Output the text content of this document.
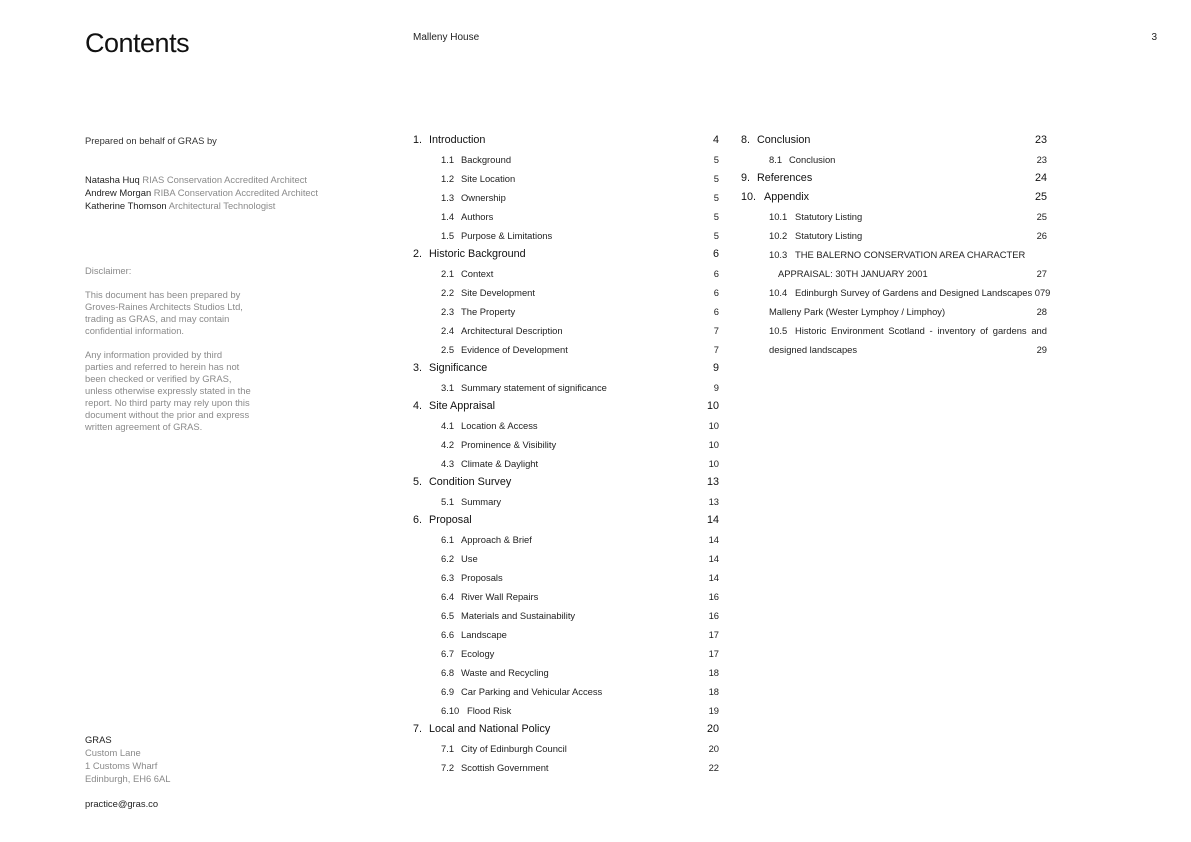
Contents	Malleny House	3
Prepared on behalf of GRAS by
Natasha Huq RIAS Conservation Accredited Architect
Andrew Morgan RIBA Conservation Accredited Architect
Katherine Thomson Architectural Technologist

Disclaimer:

This document has been prepared by
Groves-Raines Architects Studios Ltd,
trading as GRAS, and may contain
confidential information.

Any information provided by third
parties and referred to herein has not
been checked or verified by GRAS,
unless otherwise expressly stated in the
report. No third party may rely upon this
document without the prior and express
written agreement of GRAS.

GRAS
Custom Lane
1 Customs Wharf
Edinburgh, EH6 6AL
practice@gras.co
1. Introduction	4
1.1 Background	5
1.2 Site Location	5
1.3 Ownership	5
1.4 Authors	5
1.5 Purpose & Limitations	5
2. Historic Background	6
2.1 Context	6
2.2 Site Development	6
2.3 The Property	6
2.4 Architectural Description	7
2.5 Evidence of Development	7
3. Significance	9
3.1 Summary statement of significance	9
4. Site Appraisal	10
4.1 Location & Access	10
4.2 Prominence & Visibility	10
4.3 Climate & Daylight	10
5. Condition Survey	13
5.1 Summary	13
6. Proposal	14
6.1 Approach & Brief	14
6.2 Use	14
6.3 Proposals	14
6.4 River Wall Repairs	16
6.5 Materials and Sustainability	16
6.6 Landscape	17
6.7 Ecology	17
6.8 Waste and Recycling	18
6.9 Car Parking and Vehicular Access	18
6.10 Flood Risk	19
7. Local and National Policy	20
7.1 City of Edinburgh Council	20
7.2 Scottish Government	22
8. Conclusion	23
8.1 Conclusion	23
9. References	24
10. Appendix	25
10.1 Statutory Listing	25
10.2 Statutory Listing	26
10.3 THE BALERNO CONSERVATION AREA CHARACTER
APPRAISAL: 30TH JANUARY 2001	27
10.4 Edinburgh Survey of Gardens and Designed Landscapes 079
Malleny Park (Wester Lymphoy / Limphoy)	28
10.5 Historic Environment Scotland - inventory of gardens and
designed landscapes	29
